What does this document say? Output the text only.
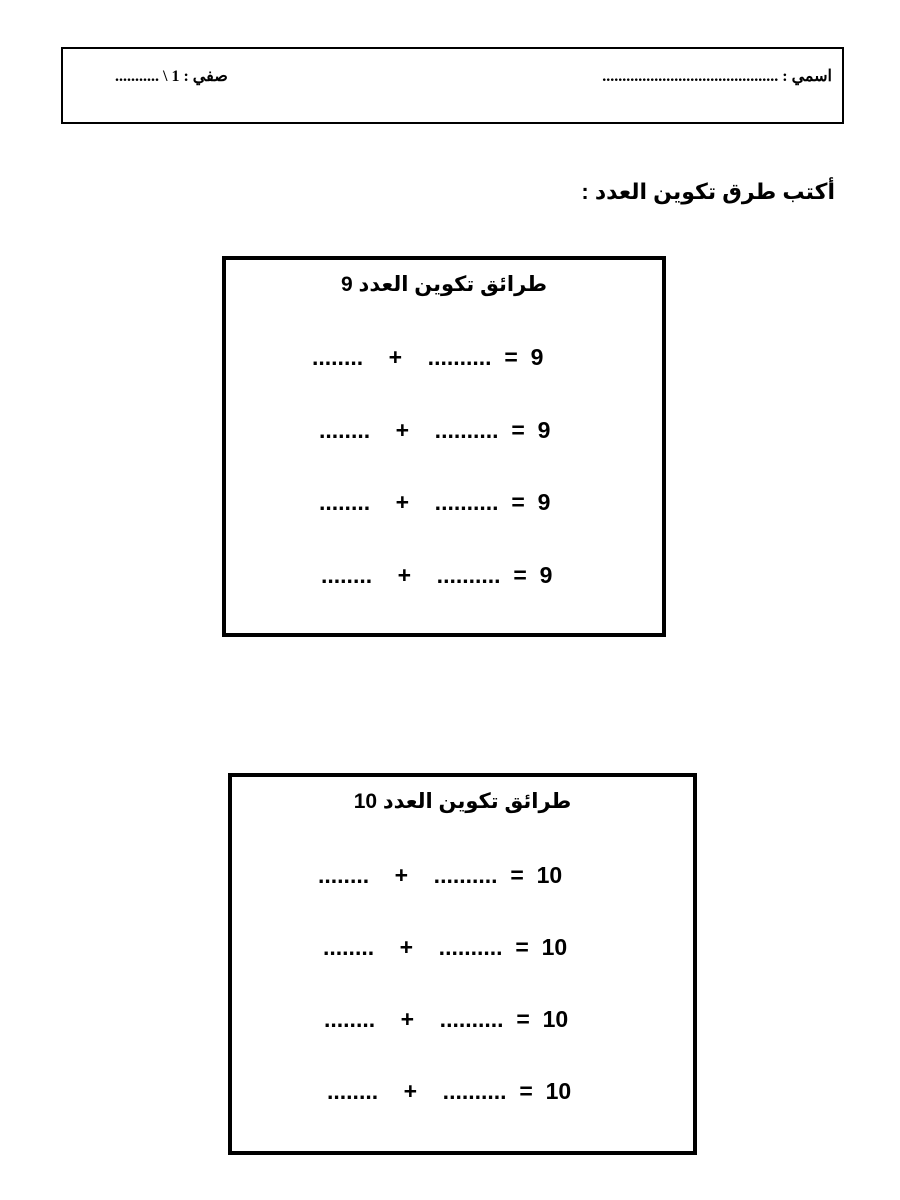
اسمي : ............................................
صفي : 1 \ ...........
أكتب طرق تكوين العدد :
طرائق تكوين العدد 9
........    +    ..........  =  9
........    +    ..........  =  9
........    +    ..........  =  9
........    +    ..........  =  9
طرائق تكوين العدد 10
........    +    ..........  =  10
........    +    ..........  =  10
........    +    ..........  =  10
........    +    ..........  =  10
